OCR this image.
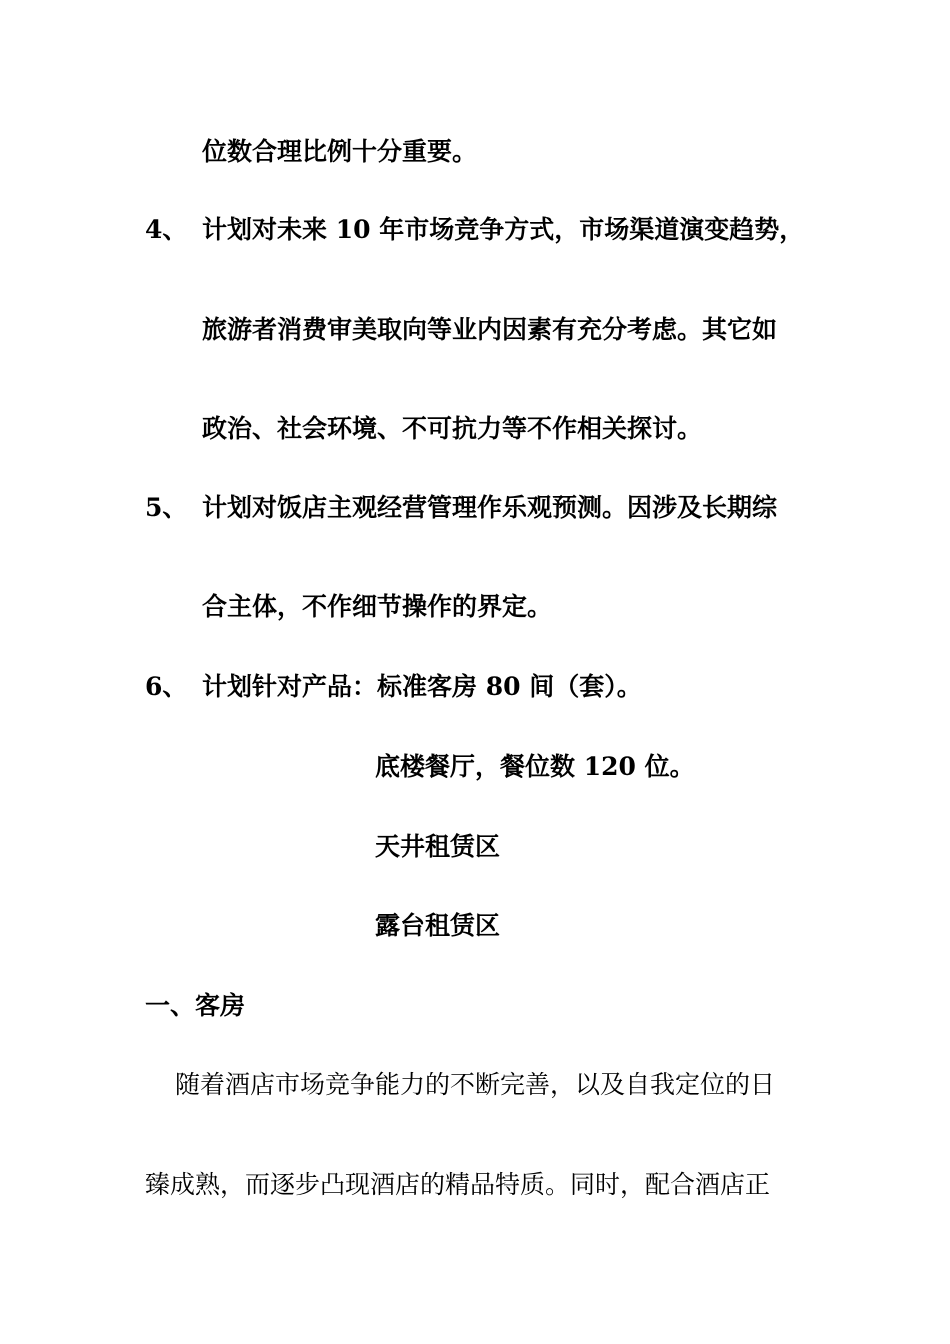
位数合理比例十分重要。
4、 计划对未来 10 年市场竞争方式，市场渠道演变趋势，
旅游者消费审美取向等业内因素有充分考虑。其它如
政治、社会环境、不可抗力等不作相关探讨。
5、 计划对饭店主观经营管理作乐观预测。因涉及长期综
合主体，不作细节操作的界定。
6、 计划针对产品：标准客房 80 间（套）。
底楼餐厅，餐位数 120 位。
天井租赁区
露台租赁区
一、客房
随着酒店市场竞争能力的不断完善，以及自我定位的日
臻成熟，而逐步凸现酒店的精品特质。同时，配合酒店正
